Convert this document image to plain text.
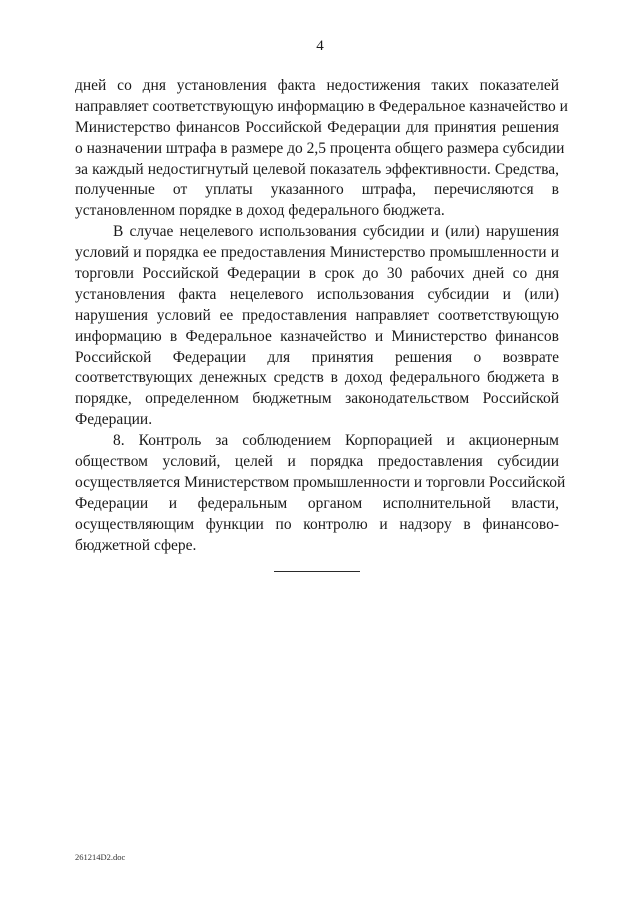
4

дней со дня установления факта недостижения таких показателей
направляет соответствующую информацию в Федеральное казначейство и
Министерство финансов Российской Федерации для принятия решения
о назначении штрафа в размере до 2,5 процента общего размера субсидии
за каждый недостигнутый целевой показатель эффективности. Средства,
полученные от уплаты указанного штрафа, перечисляются в
установленном порядке в доход федерального бюджета.

В случае нецелевого использования субсидии и (или) нарушения
условий и порядка ее предоставления Министерство промышленности и
торговли Российской Федерации в срок до 30 рабочих дней со дня
установления факта нецелевого использования субсидии и (или)
нарушения условий ее предоставления направляет соответствующую
информацию в Федеральное казначейство и Министерство финансов
Российской Федерации для принятия решения о возврате
соответствующих денежных средств в доход федерального бюджета в
порядке, определенном бюджетным законодательством Российской
Федерации.

8. Контроль за соблюдением Корпорацией и акционерным
обществом условий, целей и порядка предоставления субсидии
осуществляется Министерством промышленности и торговли Российской
Федерации и федеральным органом исполнительной власти,
осуществляющим функции по контролю и надзору в финансово-
бюджетной сфере.

261214D2.doc
